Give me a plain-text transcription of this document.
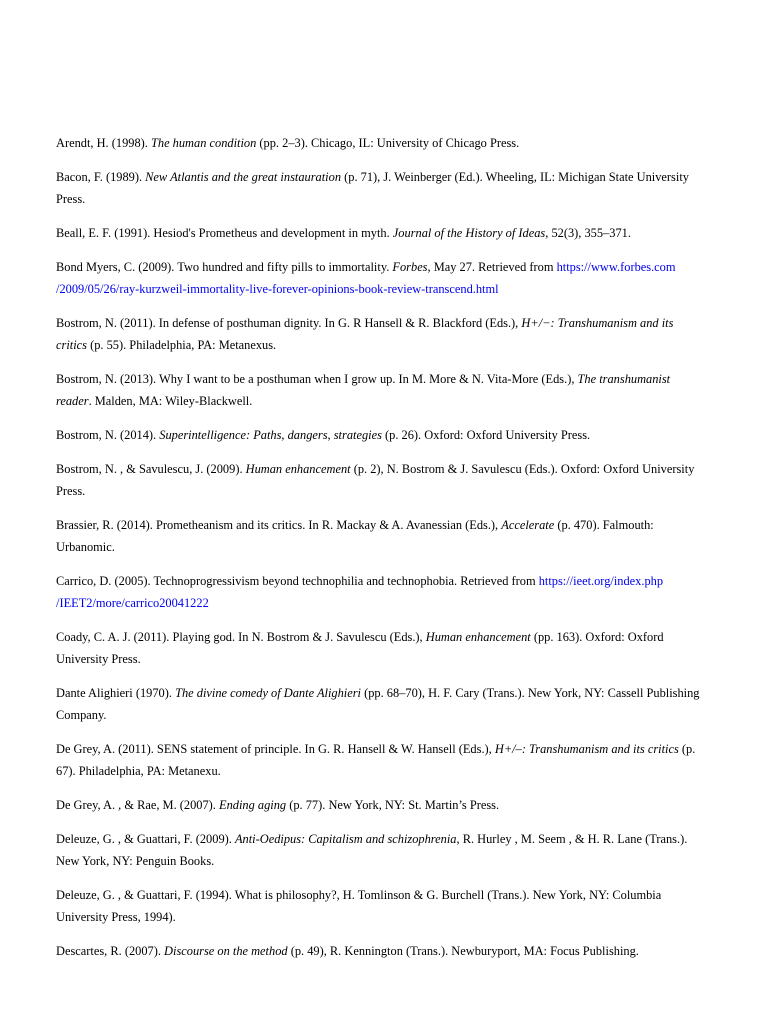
Arendt, H. (1998). The human condition (pp. 2–3). Chicago, IL: University of Chicago Press.

Bacon, F. (1989). New Atlantis and the great instauration (p. 71), J. Weinberger (Ed.). Wheeling, IL: Michigan State University Press.

Beall, E. F. (1991). Hesiod's Prometheus and development in myth. Journal of the History of Ideas, 52(3), 355–371.

Bond Myers, C. (2009). Two hundred and fifty pills to immortality. Forbes, May 27. Retrieved from https://www.forbes.com /2009/05/26/ray-kurzweil-immortality-live-forever-opinions-book-review-transcend.html

Bostrom, N. (2011). In defense of posthuman dignity. In G. R Hansell & R. Blackford (Eds.), H+/−: Transhumanism and its critics (p. 55). Philadelphia, PA: Metanexus.

Bostrom, N. (2013). Why I want to be a posthuman when I grow up. In M. More & N. Vita-More (Eds.), The transhumanist reader. Malden, MA: Wiley-Blackwell.

Bostrom, N. (2014). Superintelligence: Paths, dangers, strategies (p. 26). Oxford: Oxford University Press.

Bostrom, N. , & Savulescu, J. (2009). Human enhancement (p. 2), N. Bostrom & J. Savulescu (Eds.). Oxford: Oxford University Press.

Brassier, R. (2014). Prometheanism and its critics. In R. Mackay & A. Avanessian (Eds.), Accelerate (p. 470). Falmouth: Urbanomic.

Carrico, D. (2005). Technoprogressivism beyond technophilia and technophobia. Retrieved from https://ieet.org/index.php /IEET2/more/carrico20041222

Coady, C. A. J. (2011). Playing god. In N. Bostrom & J. Savulescu (Eds.), Human enhancement (pp. 163). Oxford: Oxford University Press.

Dante Alighieri (1970). The divine comedy of Dante Alighieri (pp. 68–70), H. F. Cary (Trans.). New York, NY: Cassell Publishing Company.

De Grey, A. (2011). SENS statement of principle. In G. R. Hansell & W. Hansell (Eds.), H+/–: Transhumanism and its critics (p. 67). Philadelphia, PA: Metanexu.

De Grey, A. , & Rae, M. (2007). Ending aging (p. 77). New York, NY: St. Martin’s Press.

Deleuze, G. , & Guattari, F. (2009). Anti-Oedipus: Capitalism and schizophrenia, R. Hurley , M. Seem , & H. R. Lane (Trans.). New York, NY: Penguin Books.

Deleuze, G. , & Guattari, F. (1994). What is philosophy?, H. Tomlinson & G. Burchell (Trans.). New York, NY: Columbia University Press, 1994).

Descartes, R. (2007). Discourse on the method (p. 49), R. Kennington (Trans.). Newburyport, MA: Focus Publishing.
